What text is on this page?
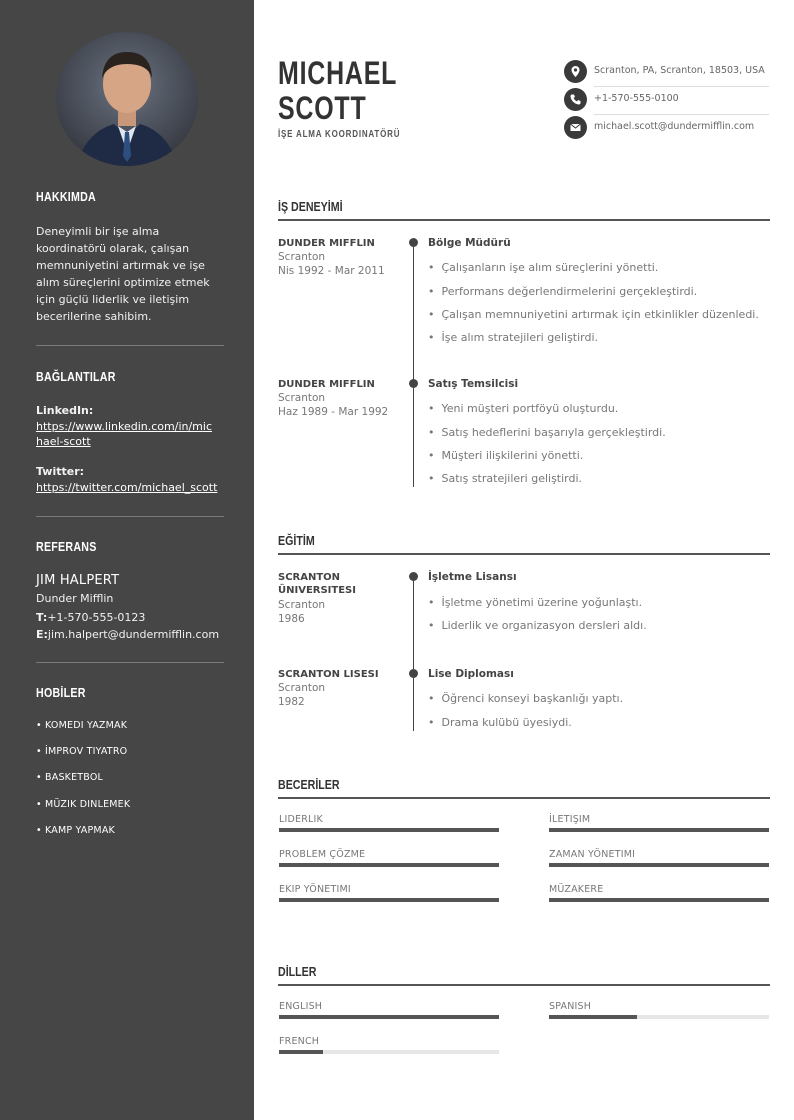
HAKKIMDA
Deneyimli bir işe alma koordinatörü olarak, çalışan memnuniyetini artırmak ve işe alım süreçlerini optimize etmek için güçlü liderlik ve iletişim becerilerine sahibim.
BAĞLANTILAR
LinkedIn:
https://www.linkedin.com/in/michael-scott
Twitter:
https://twitter.com/michael_scott
REFERANS
JIM HALPERT
Dunder Mifflin
T:+1-570-555-0123
E:jim.halpert@dundermifflin.com
HOBİLER
• KOMEDI YAZMAK
• İMPROV TIYATRO
• BASKETBOL
• MÜZIK DINLEMEK
• KAMP YAPMAK
MICHAEL
SCOTT
İŞE ALMA KOORDINATÖRÜ
Scranton, PA, Scranton, 18503, USA
+1-570-555-0100
michael.scott@dundermifflin.com
İŞ DENEYİMİ
DUNDER MIFFLIN
Scranton
Nis 1992 - Mar 2011
Bölge Müdürü
• Çalışanların işe alım süreçlerini yönetti.
• Performans değerlendirmelerini gerçekleştirdi.
• Çalışan memnuniyetini artırmak için etkinlikler düzenledi.
• İşe alım stratejileri geliştirdi.
DUNDER MIFFLIN
Scranton
Haz 1989 - Mar 1992
Satış Temsilcisi
• Yeni müşteri portföyü oluşturdu.
• Satış hedeflerini başarıyla gerçekleştirdi.
• Müşteri ilişkilerini yönetti.
• Satış stratejileri geliştirdi.
EĞİTİM
SCRANTON ÜNIVERSITESI
Scranton
1986
İşletme Lisansı
• İşletme yönetimi üzerine yoğunlaştı.
• Liderlik ve organizasyon dersleri aldı.
SCRANTON LISESI
Scranton
1982
Lise Diploması
• Öğrenci konseyi başkanlığı yaptı.
• Drama kulübü üyesiydi.
BECERİLER
LIDERLIK	İLETIŞIM
PROBLEM ÇÖZME	ZAMAN YÖNETIMI
EKIP YÖNETIMI	MÜZAKERE
DİLLER
ENGLISH	SPANISH
FRENCH
